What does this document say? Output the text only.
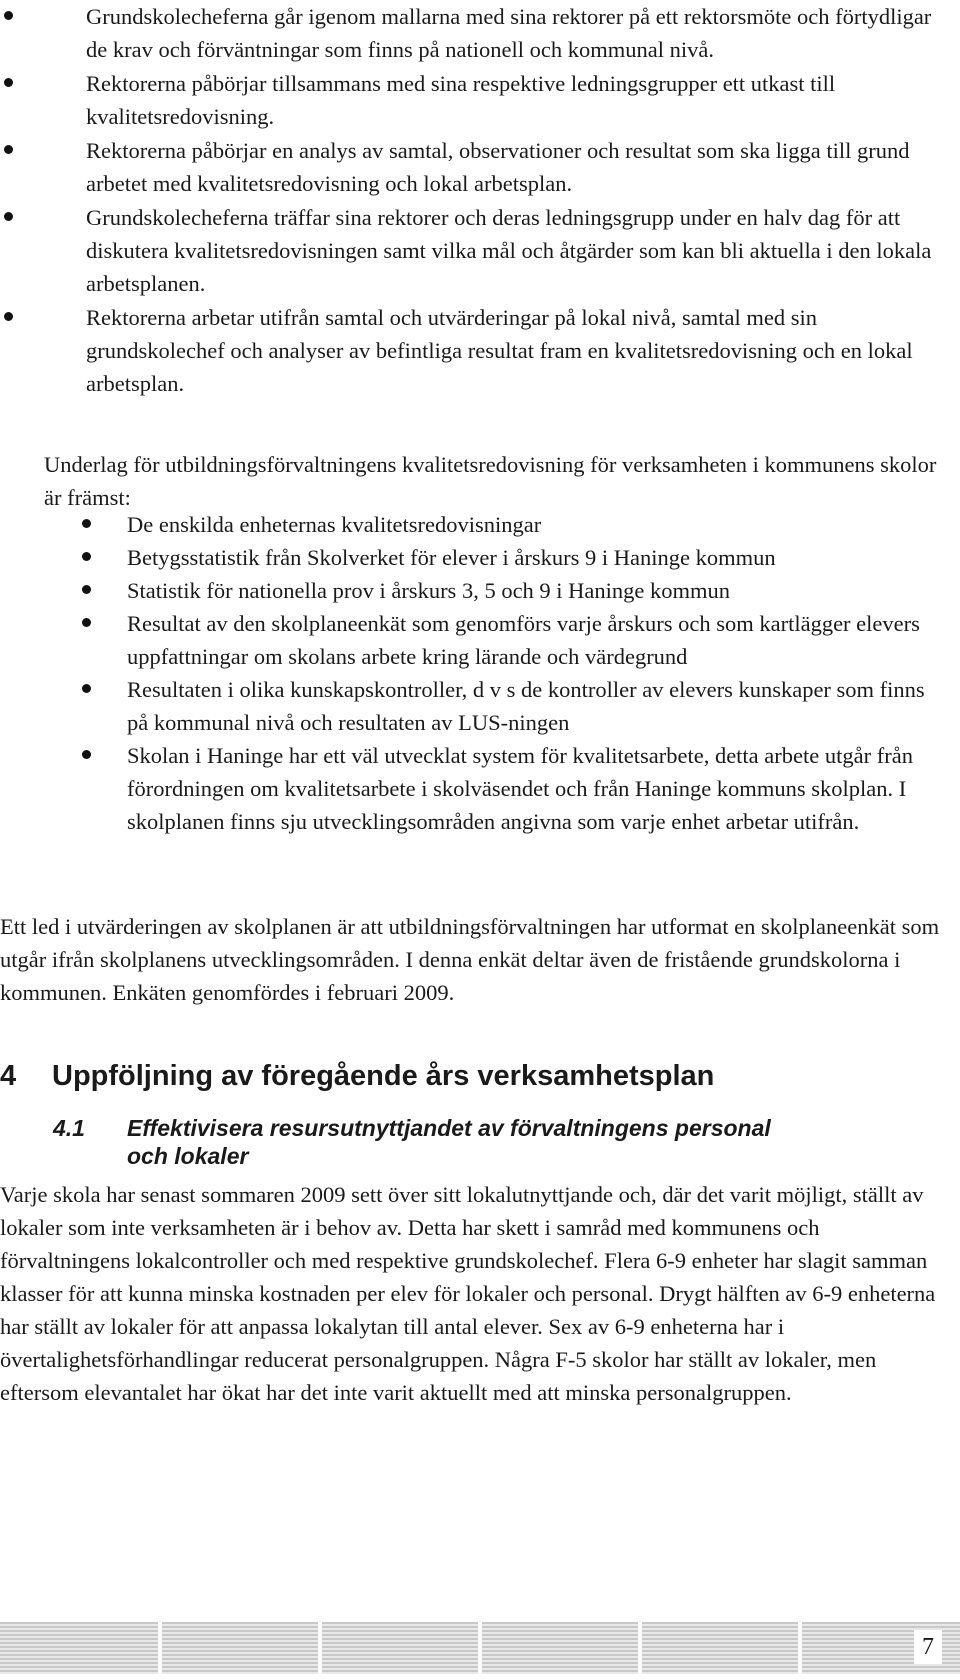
Grundskolecheferna går igenom mallarna med sina rektorer på ett rektorsmöte och förtydligar de krav och förväntningar som finns på nationell och kommunal nivå.
Rektorerna påbörjar tillsammans med sina respektive ledningsgrupper ett utkast till kvalitetsredovisning.
Rektorerna påbörjar en analys av samtal, observationer och resultat som ska ligga till grund arbetet med kvalitetsredovisning och lokal arbetsplan.
Grundskolecheferna träffar sina rektorer och deras ledningsgrupp under en halv dag för att diskutera kvalitetsredovisningen samt vilka mål och åtgärder som kan bli aktuella i den lokala arbetsplanen.
Rektorerna arbetar utifrån samtal och utvärderingar på lokal nivå, samtal med sin grundskolechef och analyser av befintliga resultat fram en kvalitetsredovisning och en lokal arbetsplan.

Underlag för utbildningsförvaltningens kvalitetsredovisning för verksamheten i kommunens skolor är främst:

De enskilda enheternas kvalitetsredovisningar
Betygsstatistik från Skolverket för elever i årskurs 9 i Haninge kommun
Statistik för nationella prov i årskurs 3, 5 och 9 i Haninge kommun
Resultat av den skolplaneenkät som genomförs varje årskurs och som kartlägger elevers uppfattningar om skolans arbete kring lärande och värdegrund
Resultaten i olika kunskapskontroller, d v s de kontroller av elevers kunskaper som finns på kommunal nivå och resultaten av LUS-ningen
Skolan i Haninge har ett väl utvecklat system för kvalitetsarbete, detta arbete utgår från förordningen om kvalitetsarbete i skolväsendet och från Haninge kommuns skolplan. I skolplanen finns sju utvecklingsområden angivna som varje enhet arbetar utifrån.

Ett led i utvärderingen av skolplanen är att utbildningsförvaltningen har utformat en skolplaneenkät som utgår ifrån skolplanens utvecklingsområden. I denna enkät deltar även de fristående grundskolorna i kommunen. Enkäten genomfördes i februari 2009.

4 Uppföljning av föregående års verksamhetsplan
4.1 Effektivisera resursutnyttjandet av förvaltningens personal
och lokaler

Varje skola har senast sommaren 2009 sett över sitt lokalutnyttjande och, där det varit möjligt, ställt av lokaler som inte verksamheten är i behov av. Detta har skett i samråd med kommunens och förvaltningens lokalcontroller och med respektive grundskolechef. Flera 6-9 enheter har slagit samman klasser för att kunna minska kostnaden per elev för lokaler och personal. Drygt hälften av 6-9 enheterna har ställt av lokaler för att anpassa lokalytan till antal elever. Sex av 6-9 enheterna har i övertalighetsförhandlingar reducerat personalgruppen. Några F-5 skolor har ställt av lokaler, men eftersom elevantalet har ökat har det inte varit aktuellt med att minska personalgruppen.

7
